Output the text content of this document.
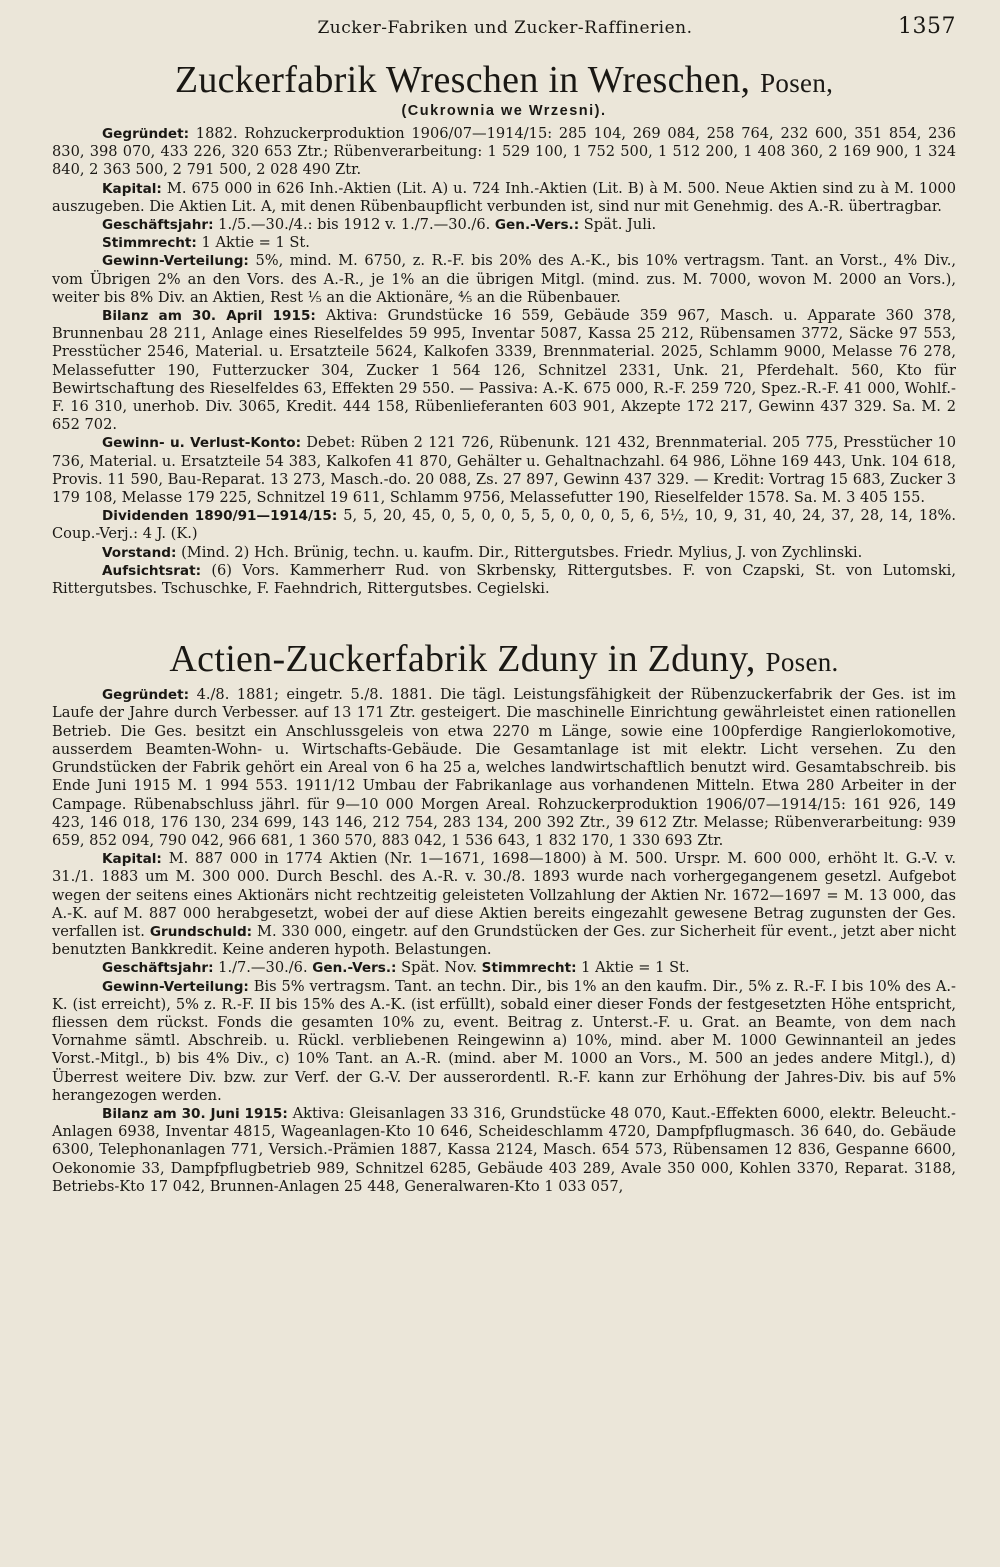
Zucker-Fabriken und Zucker-Raffinerien.	1357
Zuckerfabrik Wreschen in Wreschen, Posen,
(Cukrownia we Wrzesni).

Gegründet: 1882. Rohzuckerproduktion 1906/07—1914/15: 285 104, 269 084, 258 764, 232 600, 351 854, 236 830, 398 070, 433 226, 320 653 Ztr.; Rübenverarbeitung: 1 529 100, 1 752 500, 1 512 200, 1 408 360, 2 169 900, 1 324 840, 2 363 500, 2 791 500, 2 028 490 Ztr.

Kapital: M. 675 000 in 626 Inh.-Aktien (Lit. A) u. 724 Inh.-Aktien (Lit. B) à M. 500. Neue Aktien sind zu à M. 1000 auszugeben. Die Aktien Lit. A, mit denen Rübenbaupflicht verbunden ist, sind nur mit Genehmig. des A.-R. übertragbar.

Geschäftsjahr: 1./5.—30./4.: bis 1912 v. 1./7.—30./6. Gen.-Vers.: Spät. Juli.

Stimmrecht: 1 Aktie = 1 St.

Gewinn-Verteilung: 5%, mind. M. 6750, z. R.-F. bis 20% des A.-K., bis 10% vertragsm. Tant. an Vorst., 4% Div., vom Übrigen 2% an den Vors. des A.-R., je 1% an die übrigen Mitgl. (mind. zus. M. 7000, wovon M. 2000 an Vors.), weiter bis 8% Div. an Aktien, Rest ⅕ an die Aktionäre, ⅘ an die Rübenbauer.

Bilanz am 30. April 1915: Aktiva: Grundstücke 16 559, Gebäude 359 967, Masch. u. Apparate 360 378, Brunnenbau 28 211, Anlage eines Rieselfeldes 59 995, Inventar 5087, Kassa 25 212, Rübensamen 3772, Säcke 97 553, Presstücher 2546, Material. u. Ersatzteile 5624, Kalkofen 3339, Brennmaterial. 2025, Schlamm 9000, Melasse 76 278, Melassefutter 190, Futterzucker 304, Zucker 1 564 126, Schnitzel 2331, Unk. 21, Pferdehalt. 560, Kto für Bewirtschaftung des Rieselfeldes 63, Effekten 29 550. — Passiva: A.-K. 675 000, R.-F. 259 720, Spez.-R.-F. 41 000, Wohlf.-F. 16 310, unerhob. Div. 3065, Kredit. 444 158, Rübenlieferanten 603 901, Akzepte 172 217, Gewinn 437 329. Sa. M. 2 652 702.

Gewinn- u. Verlust-Konto: Debet: Rüben 2 121 726, Rübenunk. 121 432, Brennmaterial. 205 775, Presstücher 10 736, Material. u. Ersatzteile 54 383, Kalkofen 41 870, Gehälter u. Gehaltnachzahl. 64 986, Löhne 169 443, Unk. 104 618, Provis. 11 590, Bau-Reparat. 13 273, Masch.-do. 20 088, Zs. 27 897, Gewinn 437 329. — Kredit: Vortrag 15 683, Zucker 3 179 108, Melasse 179 225, Schnitzel 19 611, Schlamm 9756, Melassefutter 190, Rieselfelder 1578. Sa. M. 3 405 155.

Dividenden 1890/91—1914/15: 5, 5, 20, 45, 0, 5, 0, 0, 5, 5, 0, 0, 0, 5, 6, 5½, 10, 9, 31, 40, 24, 37, 28, 14, 18%. Coup.-Verj.: 4 J. (K.)

Vorstand: (Mind. 2) Hch. Brünig, techn. u. kaufm. Dir., Rittergutsbes. Friedr. Mylius, J. von Zychlinski.

Aufsichtsrat: (6) Vors. Kammerherr Rud. von Skrbensky, Rittergutsbes. F. von Czapski, St. von Lutomski, Rittergutsbes. Tschuschke, F. Faehndrich, Rittergutsbes. Cegielski.

Actien-Zuckerfabrik Zduny in Zduny, Posen.

Gegründet: 4./8. 1881; eingetr. 5./8. 1881. Die tägl. Leistungsfähigkeit der Rübenzuckerfabrik der Ges. ist im Laufe der Jahre durch Verbesser. auf 13 171 Ztr. gesteigert. Die maschinelle Einrichtung gewährleistet einen rationellen Betrieb. Die Ges. besitzt ein Anschlussgeleis von etwa 2270 m Länge, sowie eine 100pferdige Rangierlokomotive, ausserdem Beamten-Wohn- u. Wirtschafts-Gebäude. Die Gesamtanlage ist mit elektr. Licht versehen. Zu den Grundstücken der Fabrik gehört ein Areal von 6 ha 25 a, welches landwirtschaftlich benutzt wird. Gesamtabschreib. bis Ende Juni 1915 M. 1 994 553. 1911/12 Umbau der Fabrikanlage aus vorhandenen Mitteln. Etwa 280 Arbeiter in der Campage. Rübenabschluss jährl. für 9—10 000 Morgen Areal. Rohzuckerproduktion 1906/07—1914/15: 161 926, 149 423, 146 018, 176 130, 234 699, 143 146, 212 754, 283 134, 200 392 Ztr., 39 612 Ztr. Melasse; Rübenverarbeitung: 939 659, 852 094, 790 042, 966 681, 1 360 570, 883 042, 1 536 643, 1 832 170, 1 330 693 Ztr.

Kapital: M. 887 000 in 1774 Aktien (Nr. 1—1671, 1698—1800) à M. 500. Urspr. M. 600 000, erhöht lt. G.-V. v. 31./1. 1883 um M. 300 000. Durch Beschl. des A.-R. v. 30./8. 1893 wurde nach vorhergegangenem gesetzl. Aufgebot wegen der seitens eines Aktionärs nicht rechtzeitig geleisteten Vollzahlung der Aktien Nr. 1672—1697 = M. 13 000, das A.-K. auf M. 887 000 herabgesetzt, wobei der auf diese Aktien bereits eingezahlt gewesene Betrag zugunsten der Ges. verfallen ist. Grundschuld: M. 330 000, eingetr. auf den Grundstücken der Ges. zur Sicherheit für event., jetzt aber nicht benutzten Bankkredit. Keine anderen hypoth. Belastungen.

Geschäftsjahr: 1./7.—30./6. Gen.-Vers.: Spät. Nov. Stimmrecht: 1 Aktie = 1 St.

Gewinn-Verteilung: Bis 5% vertragsm. Tant. an techn. Dir., bis 1% an den kaufm. Dir., 5% z. R.-F. I bis 10% des A.-K. (ist erreicht), 5% z. R.-F. II bis 15% des A.-K. (ist erfüllt), sobald einer dieser Fonds der festgesetzten Höhe entspricht, fliessen dem rückst. Fonds die gesamten 10% zu, event. Beitrag z. Unterst.-F. u. Grat. an Beamte, von dem nach Vornahme sämtl. Abschreib. u. Rückl. verbliebenen Reingewinn a) 10%, mind. aber M. 1000 Gewinnanteil an jedes Vorst.-Mitgl., b) bis 4% Div., c) 10% Tant. an A.-R. (mind. aber M. 1000 an Vors., M. 500 an jedes andere Mitgl.), d) Überrest weitere Div. bzw. zur Verf. der G.-V. Der ausserordentl. R.-F. kann zur Erhöhung der Jahres-Div. bis auf 5% herangezogen werden.

Bilanz am 30. Juni 1915: Aktiva: Gleisanlagen 33 316, Grundstücke 48 070, Kaut.-Effekten 6000, elektr. Beleucht.-Anlagen 6938, Inventar 4815, Wageanlagen-Kto 10 646, Scheideschlamm 4720, Dampfpflugmasch. 36 640, do. Gebäude 6300, Telephonanlagen 771, Versich.-Prämien 1887, Kassa 2124, Masch. 654 573, Rübensamen 12 836, Gespanne 6600, Oekonomie 33, Dampfpflugbetrieb 989, Schnitzel 6285, Gebäude 403 289, Avale 350 000, Kohlen 3370, Reparat. 3188, Betriebs-Kto 17 042, Brunnen-Anlagen 25 448, Generalwaren-Kto 1 033 057,
